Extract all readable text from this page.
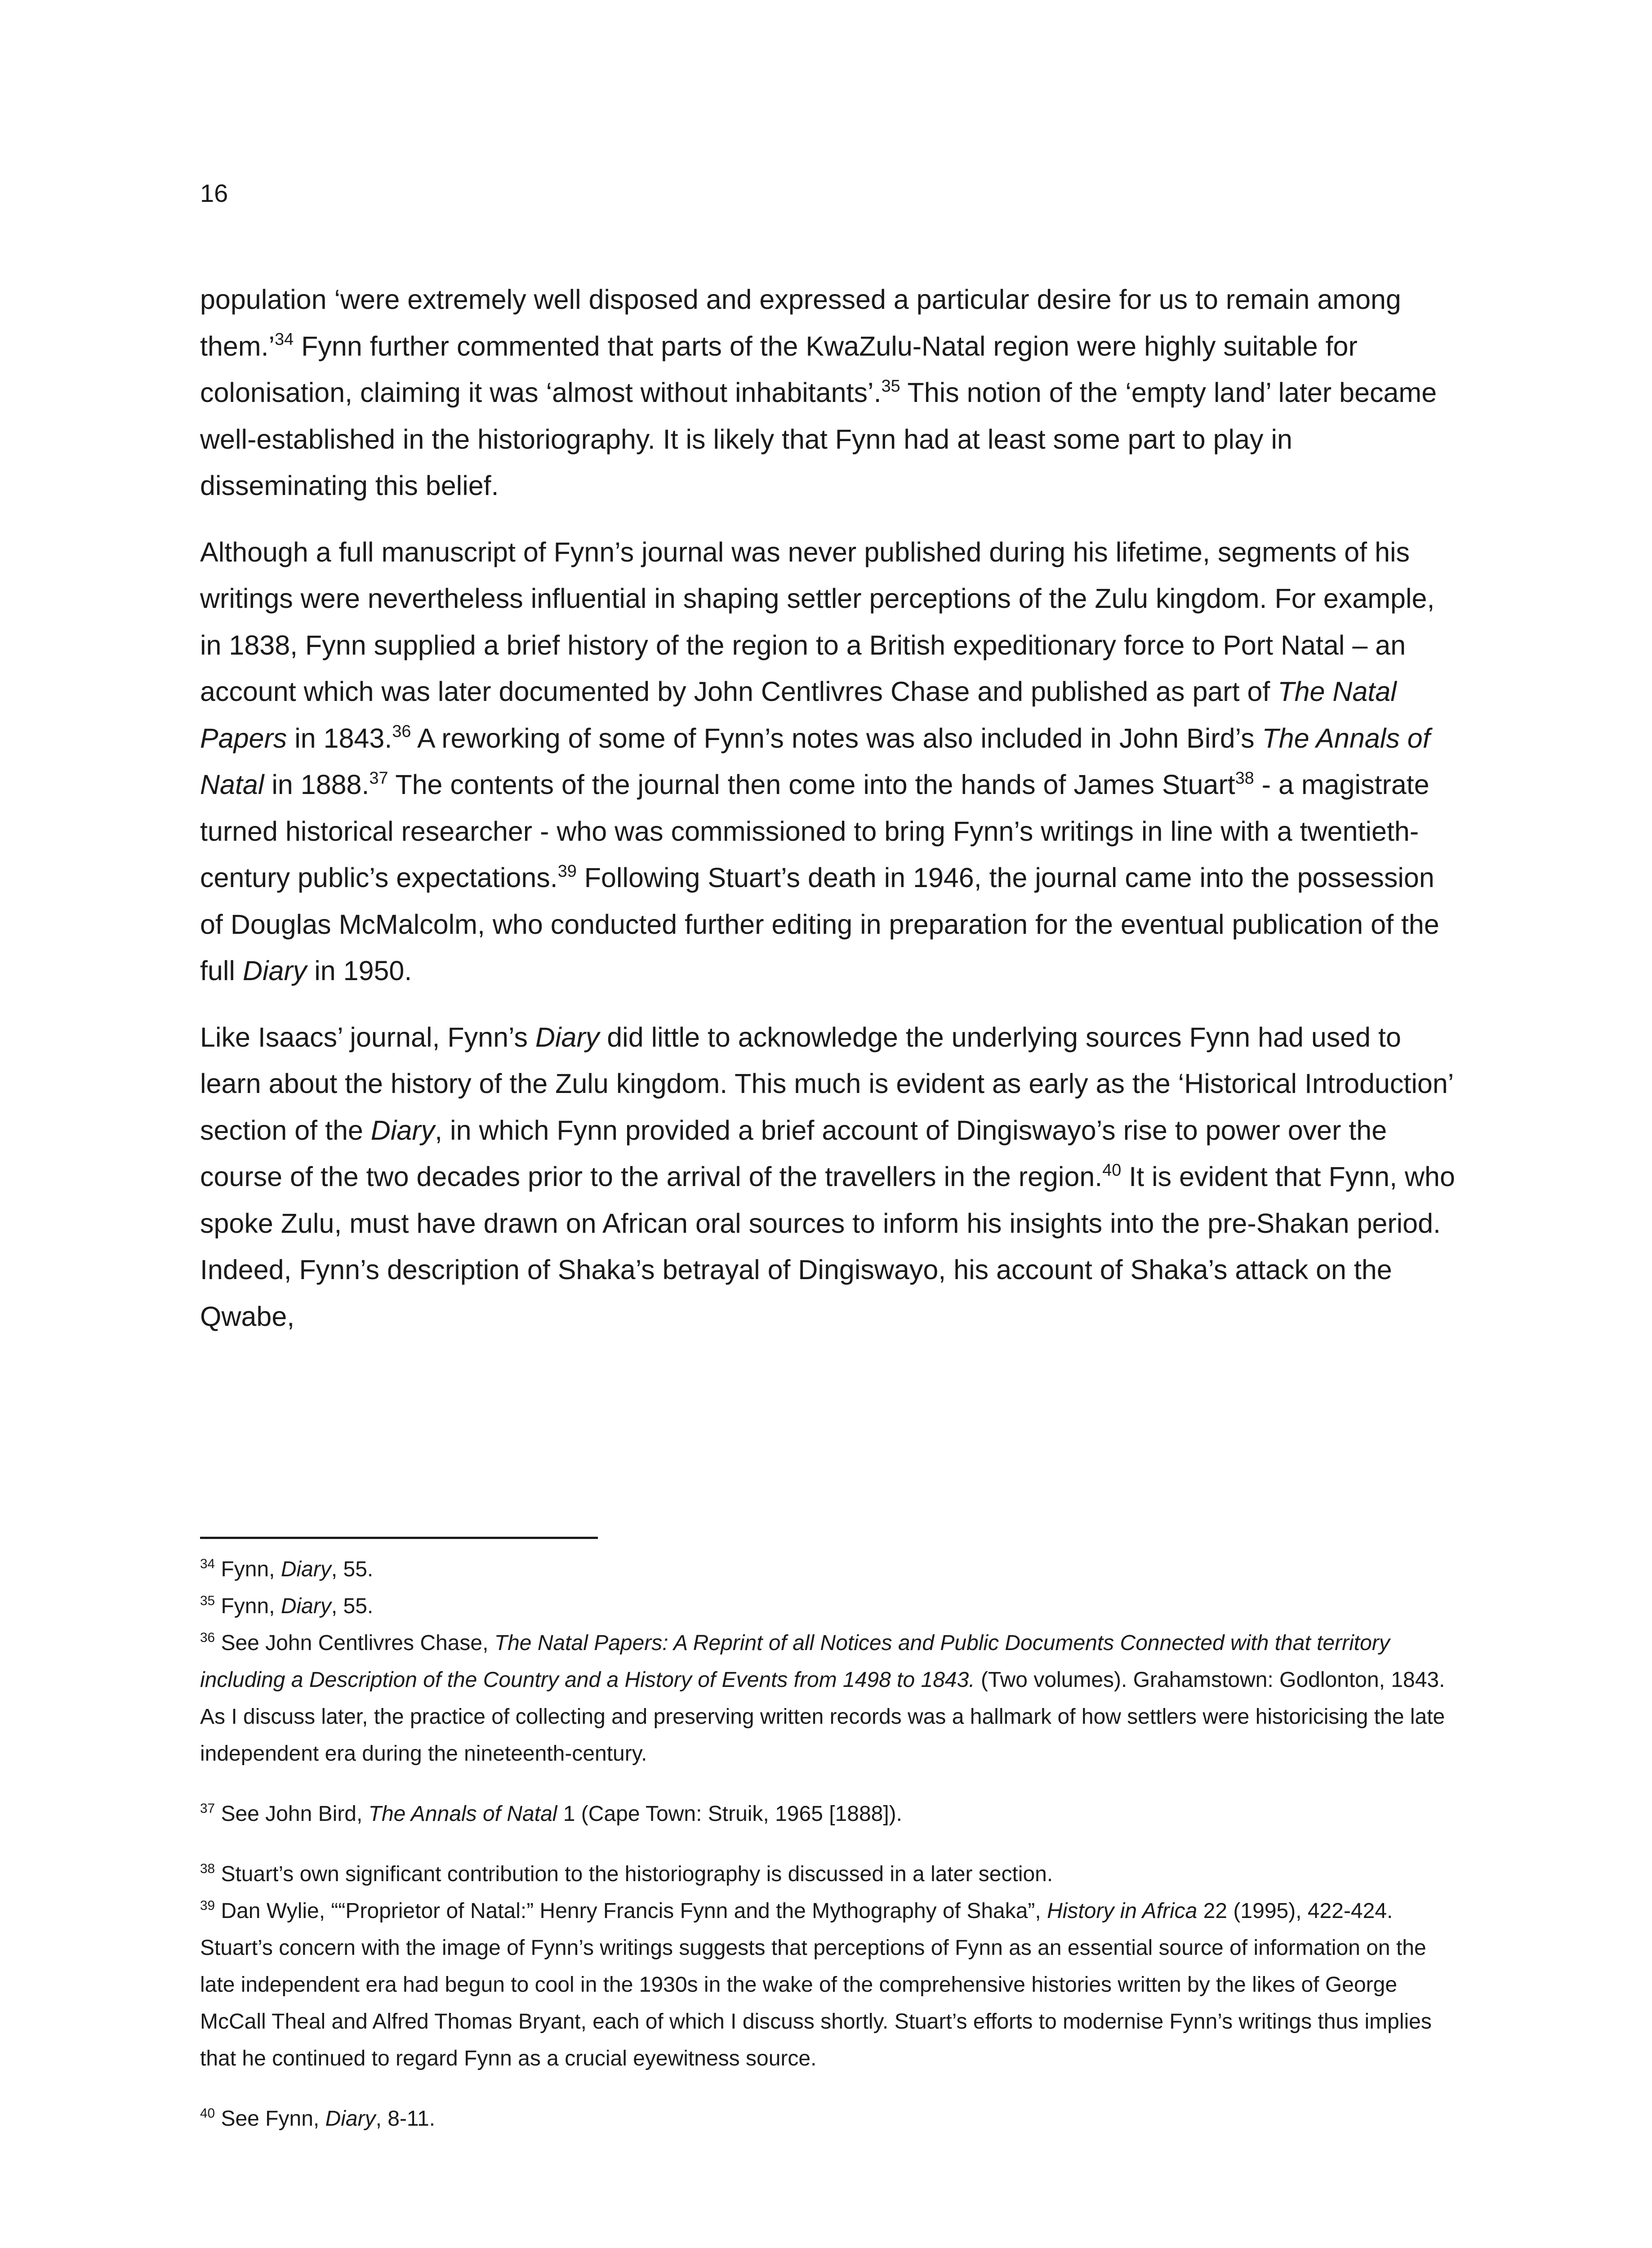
16

population ‘were extremely well disposed and expressed a particular desire for us to remain among them.’$^{34}$ Fynn further commented that parts of the KwaZulu-Natal region were highly suitable for colonisation, claiming it was ‘almost without inhabitants’.$^{35}$ This notion of the ‘empty land’ later became well-established in the historiography. It is likely that Fynn had at least some part to play in disseminating this belief.

Although a full manuscript of Fynn’s journal was never published during his lifetime, segments of his writings were nevertheless influential in shaping settler perceptions of the Zulu kingdom. For example, in 1838, Fynn supplied a brief history of the region to a British expeditionary force to Port Natal – an account which was later documented by John Centlivres Chase and published as part of The Natal Papers in 1843.36 A reworking of some of Fynn’s notes was also included in John Bird’s The Annals of Natal in 1888.37 The contents of the journal then come into the hands of James Stuart$^{38}$ - a magistrate turned historical researcher - who was commissioned to bring Fynn’s writings in line with a twentieth-century public’s expectations.$^{39}$ Following Stuart’s death in 1946, the journal came into the possession of Douglas McMalcolm, who conducted further editing in preparation for the eventual publication of the full Diary in 1950.

Like Isaacs’ journal, Fynn’s Diary did little to acknowledge the underlying sources Fynn had used to learn about the history of the Zulu kingdom. This much is evident as early as the ‘Historical Introduction’ section of the Diary, in which Fynn provided a brief account of Dingiswayo’s rise to power over the course of the two decades prior to the arrival of the travellers in the region.$^{40}$ It is evident that Fynn, who spoke Zulu, must have drawn on African oral sources to inform his insights into the pre-Shakan period. Indeed, Fynn’s description of Shaka’s betrayal of Dingiswayo, his account of Shaka’s attack on the Qwabe,

$^{34}$ Fynn, Diary, 55.

$^{35}$ Fynn, Diary, 55.

$^{36}$ See John Centlivres Chase, The Natal Papers: A Reprint of all Notices and Public Documents Connected with that territory including a Description of the Country and a History of Events from 1498 to 1843. (Two volumes). Grahamstown: Godlonton, 1843. As I discuss later, the practice of collecting and preserving written records was a hallmark of how settlers were historicising the late independent era during the nineteenth-century.

$^{37}$ See John Bird, The Annals of Natal 1 (Cape Town: Struik, 1965 [1888]).

$^{38}$ Stuart’s own significant contribution to the historiography is discussed in a later section.

$^{39}$ Dan Wylie, ““Proprietor of Natal:” Henry Francis Fynn and the Mythography of Shaka”, History in Africa 22 (1995), 422-424. Stuart’s concern with the image of Fynn’s writings suggests that perceptions of Fynn as an essential source of information on the late independent era had begun to cool in the 1930s in the wake of the comprehensive histories written by the likes of George McCall Theal and Alfred Thomas Bryant, each of which I discuss shortly. Stuart’s efforts to modernise Fynn’s writings thus implies that he continued to regard Fynn as a crucial eyewitness source.

$^{40}$ See Fynn, Diary, 8-11.
